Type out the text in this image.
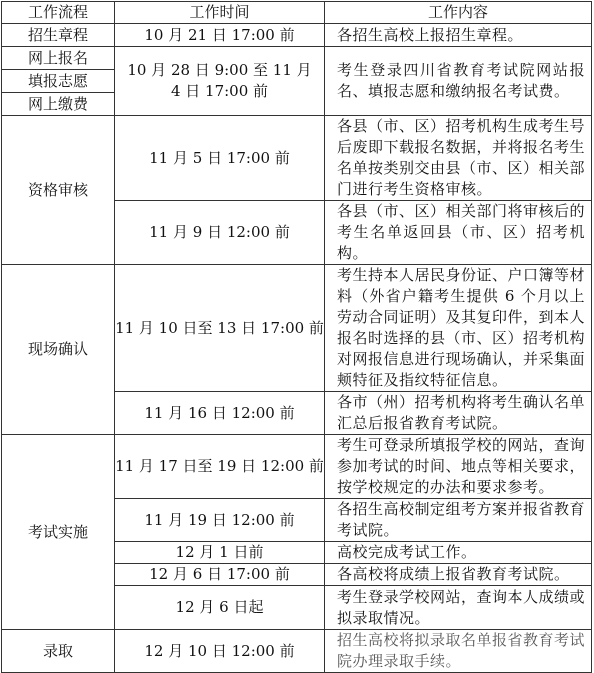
工作流程	工作时间	工作内容
招生章程	10 月 21 日 17:00 前	各招生高校上报招生章程。
网上报名	10 月 28 日 9:00 至 11 月 4 日 17:00 前	考生登录四川省教育考试院网站报名、填报志愿和缴纳报名考试费。
填报志愿		
网上缴费		
资格审核	11 月 5 日 17:00 前	各县（市、区）招考机构生成考生号后废即下载报名数据，并将报名考生名单按类别交由县（市、区）相关部门进行考生资格审核。
	11 月 9 日 12:00 前	各县（市、区）相关部门将审核后的考生名单返回县（市、区）招考机构。
现场确认	11 月 10 日至 13 日 17:00 前	考生持本人居民身份证、户口簿等材料（外省户籍考生提供 6 个月以上劳动合同证明）及其复印件，到本人报名时选择的县（市、区）招考机构对网报信息进行现场确认，并采集面颊特征及指纹特征信息。
	11 月 16 日 12:00 前	各市（州）招考机构将考生确认名单汇总后报省教育考试院。
考试实施	11 月 17 日至 19 日 12:00 前	考生可登录所填报学校的网站，查询参加考试的时间、地点等相关要求，按学校规定的办法和要求参考。
	11 月 19 日 12:00 前	各招生高校制定组考方案并报省教育考试院。
	12 月 1 日前	高校完成考试工作。
	12 月 6 日 17:00 前	各高校将成绩上报省教育考试院。
	12 月 6 日起	考生登录学校网站，查询本人成绩或拟录取情况。
录取	12 月 10 日 12:00 前	招生高校将拟录取名单报省教育考试院办理录取手续。
